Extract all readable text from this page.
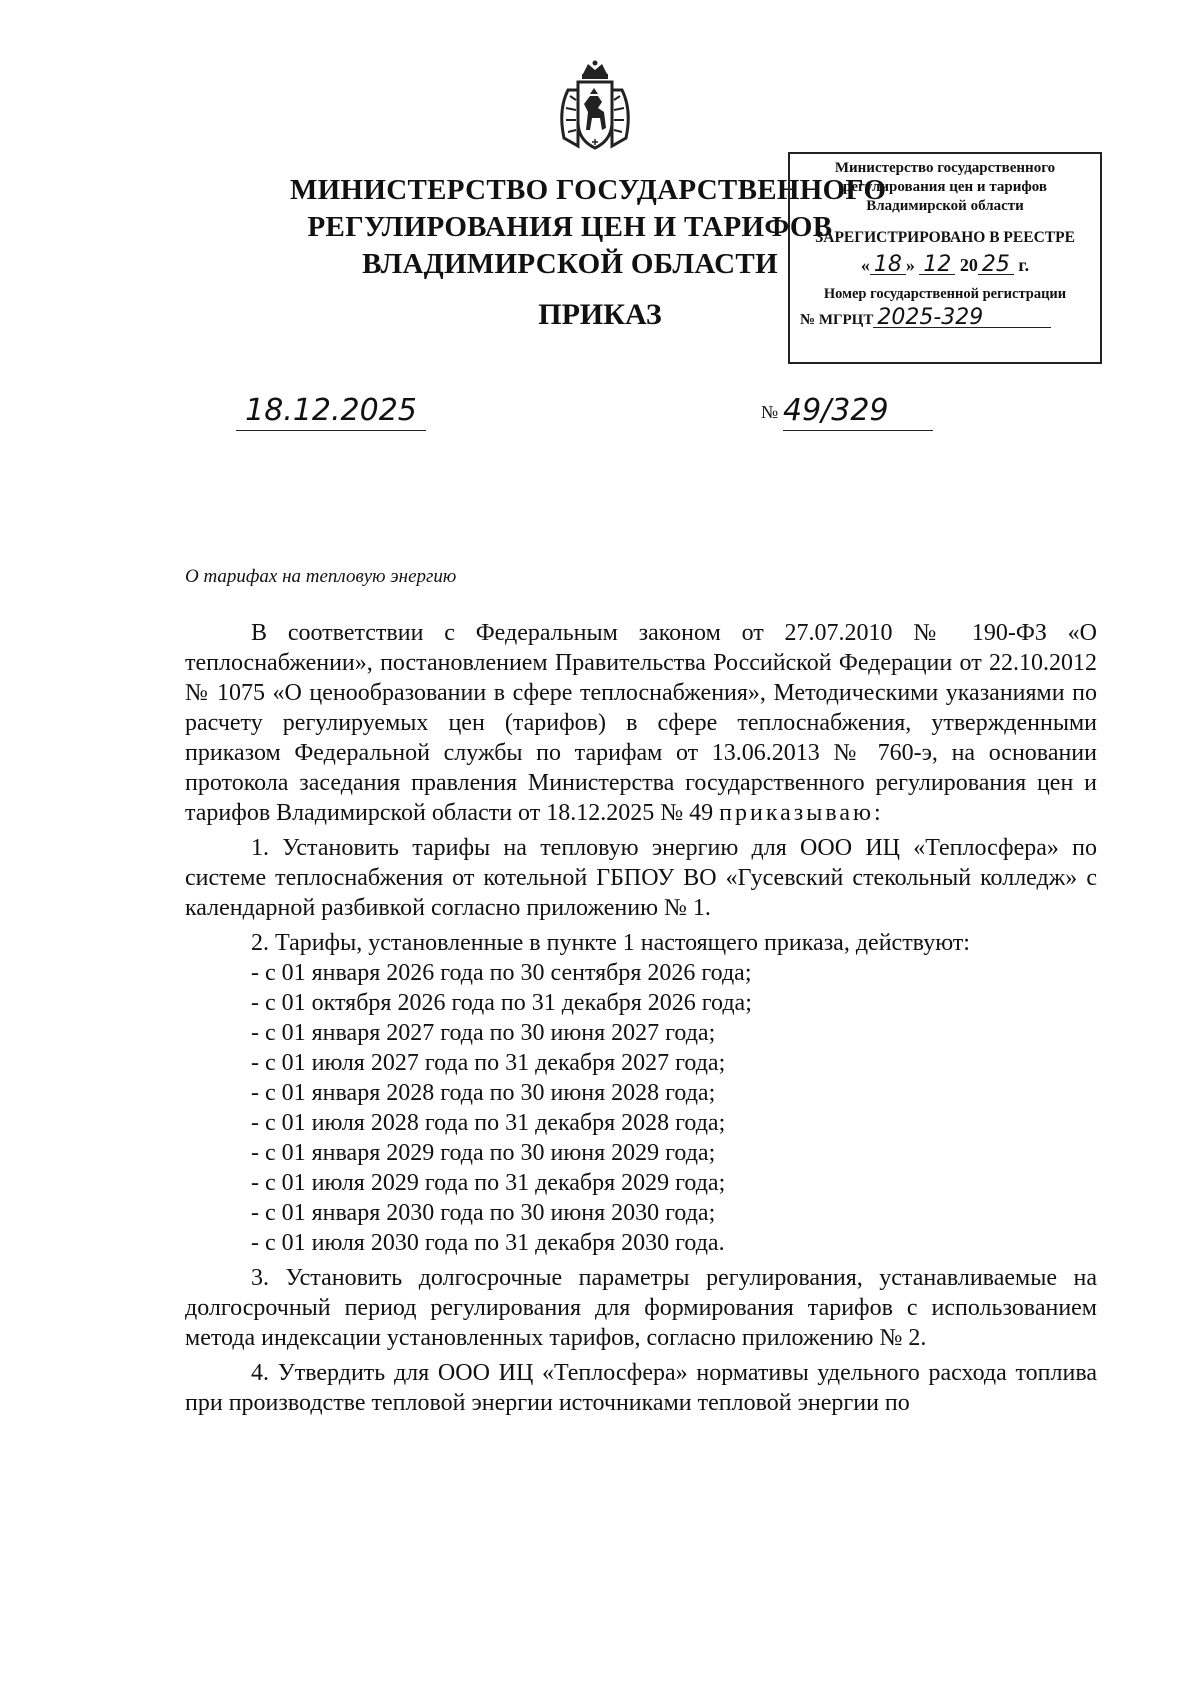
МИНИСТЕРСТВО ГОСУДАРСТВЕННОГО
РЕГУЛИРОВАНИЯ ЦЕН И ТАРИФОВ
ВЛАДИМИРСКОЙ ОБЛАСТИ
ПРИКАЗ
Министерство государственного
регулирования цен и тарифов
Владимирской области
ЗАРЕГИСТРИРОВАНО В РЕЕСТРЕ
« 18 » 12 20 25 г.
Номер государственной регистрации
№ МГРЦТ 2025-329
18.12.2025	№ 49/329
О тарифах на тепловую энергию

В соответствии с Федеральным законом от 27.07.2010 № 190-ФЗ «О теплоснабжении», постановлением Правительства Российской Федерации от 22.10.2012 № 1075 «О ценообразовании в сфере теплоснабжения», Методическими указаниями по расчету регулируемых цен (тарифов) в сфере теплоснабжения, утвержденными приказом Федеральной службы по тарифам от 13.06.2013 № 760-э, на основании протокола заседания правления Министерства государственного регулирования цен и тарифов Владимирской области от 18.12.2025 № 49 приказываю:

1. Установить тарифы на тепловую энергию для ООО ИЦ «Теплосфера» по системе теплоснабжения от котельной ГБПОУ ВО «Гусевский стекольный колледж» с календарной разбивкой согласно приложению № 1.

2. Тарифы, установленные в пункте 1 настоящего приказа, действуют:

- с 01 января 2026 года по 30 сентября 2026 года;
- с 01 октября 2026 года по 31 декабря 2026 года;
- с 01 января 2027 года по 30 июня 2027 года;
- с 01 июля 2027 года по 31 декабря 2027 года;
- с 01 января 2028 года по 30 июня 2028 года;
- с 01 июля 2028 года по 31 декабря 2028 года;
- с 01 января 2029 года по 30 июня 2029 года;
- с 01 июля 2029 года по 31 декабря 2029 года;
- с 01 января 2030 года по 30 июня 2030 года;
- с 01 июля 2030 года по 31 декабря 2030 года.

3. Установить долгосрочные параметры регулирования, устанавливаемые на долгосрочный период регулирования для формирования тарифов с использованием метода индексации установленных тарифов, согласно приложению № 2.

4. Утвердить для ООО ИЦ «Теплосфера» нормативы удельного расхода топлива при производстве тепловой энергии источниками тепловой энергии по
